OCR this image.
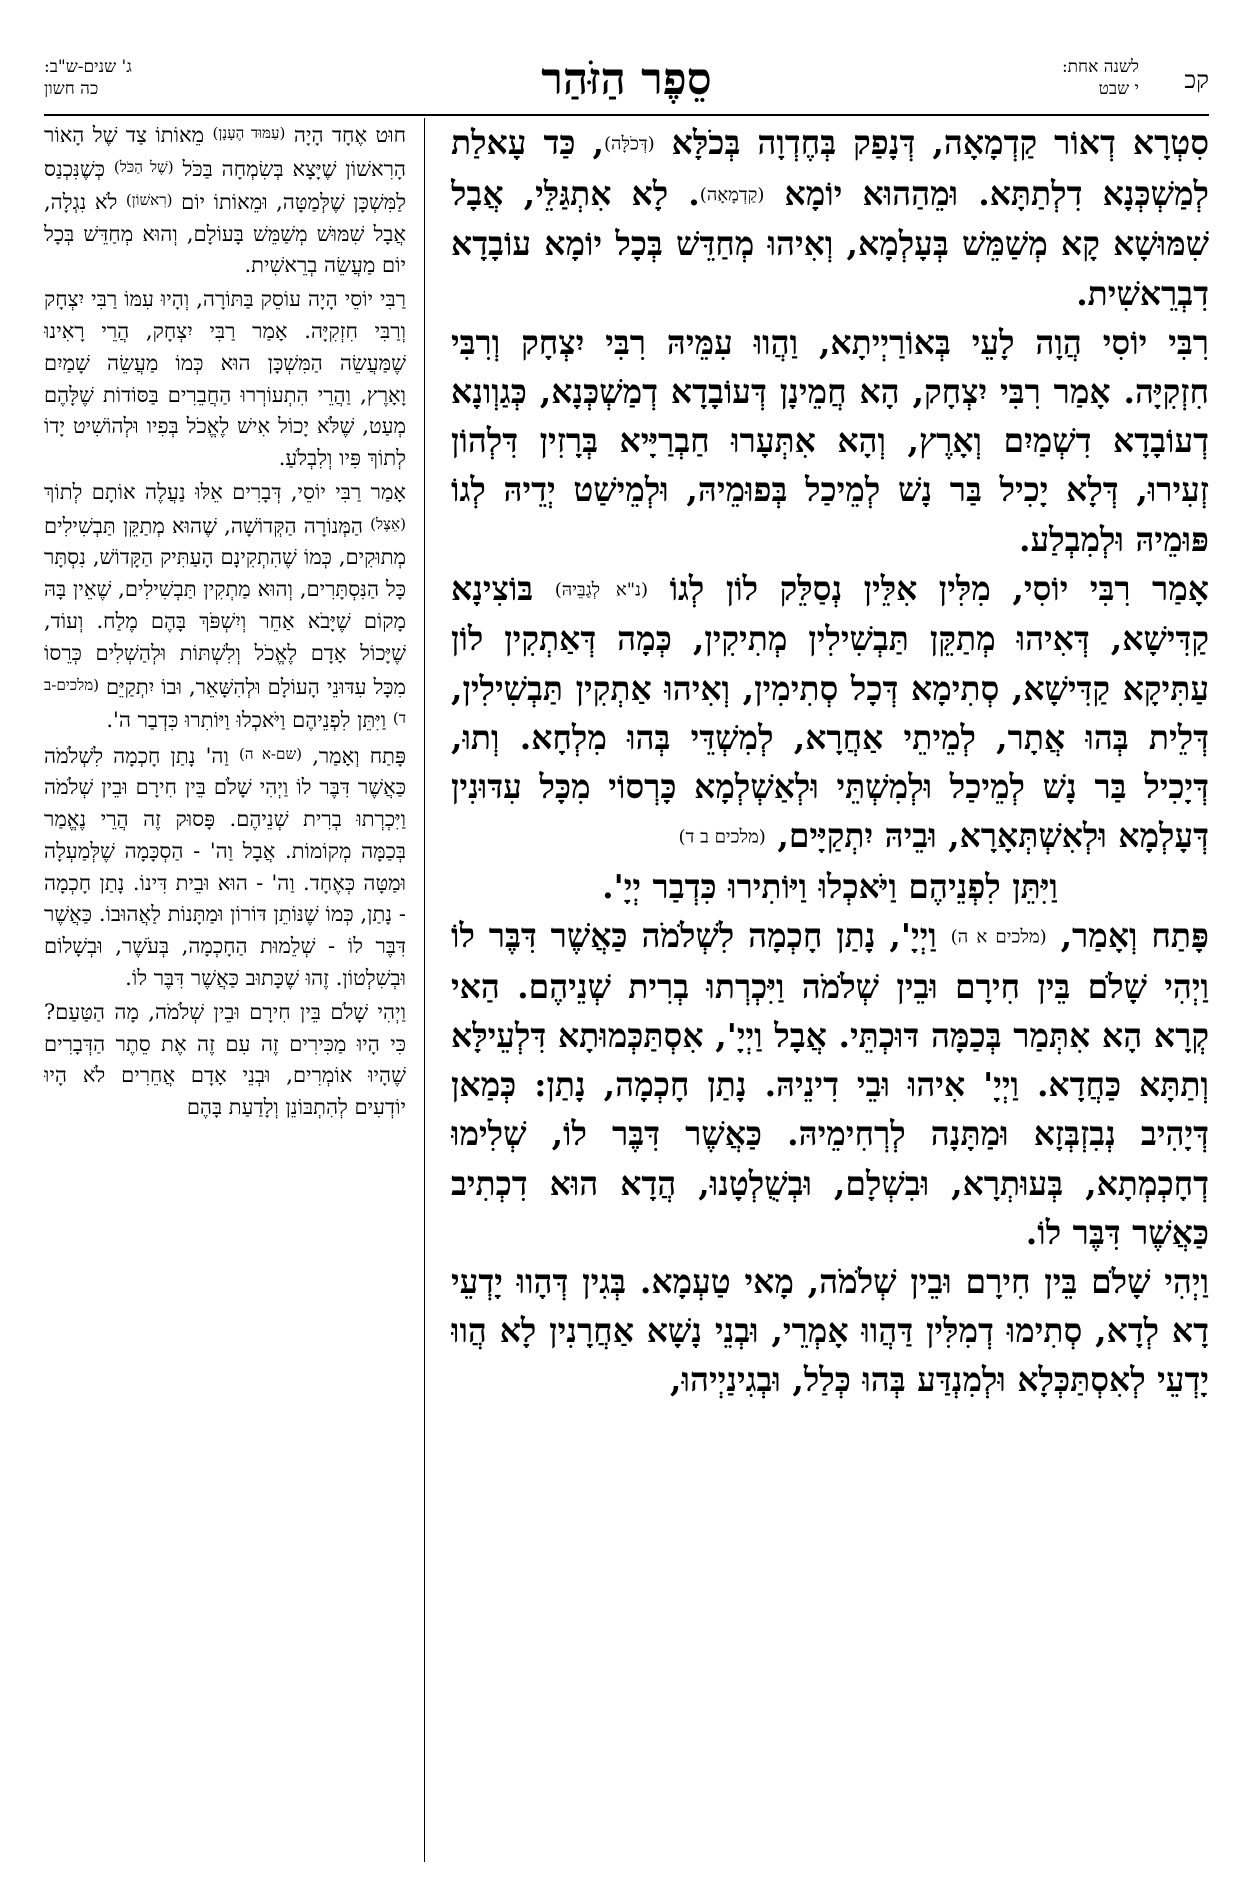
קכ
לשנה אחת:
י שבט
סֵפֶר הַזֹּהַר
ג' שנים-ש"ב:
כה חשון
סִטְרָא דְאוֹר קַדְמָאָה, דְּנָפַק בְּחֶדְוָה בְּכֹלָּא (דְּכֹלָּה), כַּד עָאלַת לְמַשְׁכְּנָא דִלְתַתָּא. וּמֵהַהוּא יוֹמָא (קַדְמָאָה). לָא אִתְגַּלֵּי, אֲבָל שִׁמּוּשָׁא קָא מְשַׁמֵּשׁ בְּעָלְמָא, וְאִיהוּ מְחַדֵּשׁ בְּכָל יוֹמָא עוֹבָדָא דִבְרֵאשִׁית.
רִבִּי יוֹסִי הֲוָה לָעֵי בְּאוֹרַיְיתָא, וַהֲווּ עִמֵּיהּ רִבִּי יִצְחָק וְרִבִּי חִזְקִיָּה. אָמַר רִבִּי יִצְחָק, הָא חֲמֵינָן דְּעוֹבָדָא דְמַשְׁכְּנָא, כְּגַוְונָא דְעוֹבָדָא דִשְׁמַיִם וְאָרֶץ, וְהָא אִתְּעָרוּ חַבְרַיָּיא בְּרָזִין דִּלְהוֹן זְעִירוּ, דְּלָא יָכִיל בַּר נָשׁ לְמֵיכַל בְּפוּמֵיהּ, וּלְמֵישַׁט יְדֵיהּ לְגוֹ פּוּמֵיהּ וּלְמִבְלַע.
אָמַר רִבִּי יוֹסִי, מִלִּין אִלֵּין נְסַלֵּק לוֹן לְגוֹ (נ"א לְגַבֵּיהּ) בּוֹצִינָא קַדִּישָׁא, דְּאִיהוּ מְתַקֵּן תַּבְשִׁילִין מְתִיקִין, כְּמָה דְּאַתְקִין לוֹן עַתִּיקָא קַדִּישָׁא, סְתִימָא דְּכָל סְתִימִין, וְאִיהוּ אַתְקִין תַּבְשִׁילִין, דְּלֵית בְּהוּ אֲתָר, לְמֵיתֵי אַחֲרָא, לְמִשְׁדֵּי בְּהוּ מִלְחָא. וְתוּ, דְּיָכִיל בַּר נָשׁ לְמֵיכַל וּלְמִשְׁתֵּי וּלְאַשְׁלְמָא כָּרְסוֹי מִכָּל עִדּוּנִין דְּעָלְמָא וּלְאִשְׁתְּאָרָא, וּבֵיהּ יִתְקַיָּים, (מלכים ב ד)
וַיִּתֵּן לִפְנֵיהֶם וַיֹּאכְלוּ וַיּוֹתִירוּ כִּדְבַר יְיָ'.
פָּתַח וְאָמַר, (מלכים א ה) וַיְיָ', נָתַן חָכְמָה לִשְׁלֹמֹה כַּאֲשֶׁר דִּבֶּר לוֹ וַיְהִי שָׁלֹם בֵּין חִירָם וּבֵין שְׁלֹמֹה וַיִּכְרְתוּ בְרִית שְׁנֵיהֶם. הַאי קְרָא הָא אִתְּמַר בְּכַמָּה דּוּכְתֵּי. אֲבָל וַיְיָ', אִסְתַּכְּמוּתָא דִּלְעֵילָּא וְתַתָּא כַּחֲדָא. וַיְיָ' אִיהוּ וּבֵי דִינֵיהּ. נָתַן חָכְמָה, נָתַן: כְּמַאן דְּיָהִיב נְבִזְבְּזָא וּמַתָּנָה לְרְחִימֵיהּ. כַּאֲשֶׁר דִּבֶּר לוֹ, שְׁלִימוּ דְחָכְמְתָא, בְּעוּתְרָא, וּבִשְׁלָם, וּבְשֻׁלְטָנוּ, הֲדָא הוּא דִכְתִיב כַּאֲשֶׁר דִּבֶּר לוֹ.
וַיְהִי שָׁלֹם בֵּין חִירָם וּבֵין שְׁלֹמֹה, מָאי טַעְמָא. בְּגִין דְּהָווּ יָדְעֵי דָא לְדָא, סְתִימוּ דְמִלִּין דַּהֲווּ אָמְרֵי, וּבְנֵי נָשָׁא אַחֲרָנִין לָא הֲווּ יָדְעֵי לְאִסְתַּכְּלָא וּלְמִנְדַּע בְּהוּ כְּלַל, וּבְגִינַיְיהוּ,
חוּט אֶחָד הָיָה (עַמּוּד הֶעָנָן) מֵאוֹתוֹ צַד שֶׁל הָאוֹר הָרִאשׁוֹן שֶׁיָּצָא בְּשִׂמְחָה בַּכֹּל (שֶׁל הַכֹּל) כְּשֶׁנִּכְנַס לַמִּשְׁכָּן שֶׁלְּמַטָּה, וּמֵאוֹתוֹ יוֹם (רִאשׁוֹן) לֹא נִגְלָה, אֲבָל שִׁמּוּשׁ מְשַׁמֵּשׁ בָּעוֹלָם, וְהוּא מְחַדֵּשׁ בְּכָל יוֹם מַעֲשֵׂה בְרֵאשִׁית.
רַבִּי יוֹסֵי הָיָה עוֹסֵק בַּתּוֹרָה, וְהָיוּ עִמּוֹ רַבִּי יִצְחָק וְרַבִּי חִזְקִיָּה. אָמַר רַבִּי יִצְחָק, הֲרֵי רָאִינוּ שֶׁמַּעֲשֵׂה הַמִּשְׁכָּן הוּא כְּמוֹ מַעֲשֵׂה שָׁמַיִם וָאָרֶץ, וַהֲרֵי הִתְעוֹרְרוּ הַחֲבֵרִים בַּסּוֹדוֹת שֶׁלָּהֶם מְעַט, שֶׁלֹּא יָכוֹל אִישׁ לֶאֱכֹל בְּפִיו וּלְהוֹשִׁיט יָדוֹ לְתוֹךְ פִּיו וְלִבְלֹעַ.
אָמַר רַבִּי יוֹסֵי, דְּבָרִים אֵלּוּ נַעֲלֶה אוֹתָם לְתוֹךְ (אֵצֶל) הַמְּנוֹרָה הַקְּדוֹשָׁה, שֶׁהוּא מְתַקֵּן תַּבְשִׁילִים מְתוּקִים, כְּמוֹ שֶׁהִתְקִינָם הָעַתִּיק הַקָּדוֹשׁ, נִסְתָּר כָּל הַנִּסְתָּרִים, וְהוּא מַתְקִין תַּבְשִׁילִים, שֶׁאֵין בָּהּ מָקוֹם שֶׁיָּבֹא אַחֵר וְיִשְׁפֹּךְ בָּהֶם מֶלַח. וְעוֹד, שֶׁיָּכוֹל אָדָם לֶאֱכֹל וְלִשְׁתּוֹת וּלְהַשְׁלִים כְּרֵסוֹ מִכָּל עִדּוּנֵי הָעוֹלָם וּלְהִשָּׁאֵר, וּבוֹ יִתְקַיֵּם (מלכים-ב ד) וַיִּתֵּן לִפְנֵיהֶם וַיֹּאכְלוּ וַיּוֹתִרוּ כִּדְבַר ה'.
פָּתַח וְאָמַר, (שם-א ה) וַה' נָתַן חָכְמָה לִשְׁלֹמֹה כַּאֲשֶׁר דִּבֶּר לוֹ וַיְהִי שָׁלֹם בֵּין חִירָם וּבֵין שְׁלֹמֹה וַיִּכְרְתוּ בְרִית שְׁנֵיהֶם. פָּסוּק זֶה הֲרֵי נֶאֱמַר בְּכַמָּה מְקוֹמוֹת. אֲבָל וַה' - הַסְכָּמָה שֶׁלְּמַעְלָה וּמַטָּה כְּאֶחָד. וַה' - הוּא וּבֵית דִּינוֹ. נָתַן חָכְמָה - נָתַן, כְּמוֹ שֶׁנּוֹתֵן דּוֹרוֹן וּמַתָּנוֹת לַאֲהוּבוֹ. כַּאֲשֶׁר דִּבֶּר לוֹ - שְׁלֵמוּת הַחָכְמָה, בְּעֹשֶׁר, וּבְשָׁלוֹם וּבְשִׁלְטוֹן. זֶהוּ שֶׁכָּתוּב כַּאֲשֶׁר דִּבֶּר לוֹ.
וַיְהִי שָׁלֹם בֵּין חִירָם וּבֵין שְׁלֹמֹה, מָה הַטַּעַם? כִּי הָיוּ מַכִּירִים זֶה עִם זֶה אֶת סֵתֶר הַדְּבָרִים שֶׁהָיוּ אוֹמְרִים, וּבְנֵי אָדָם אֲחֵרִים לֹא הָיוּ יוֹדְעִים לְהִתְבּוֹנֵן וְלָדַעַת בָּהֶם
